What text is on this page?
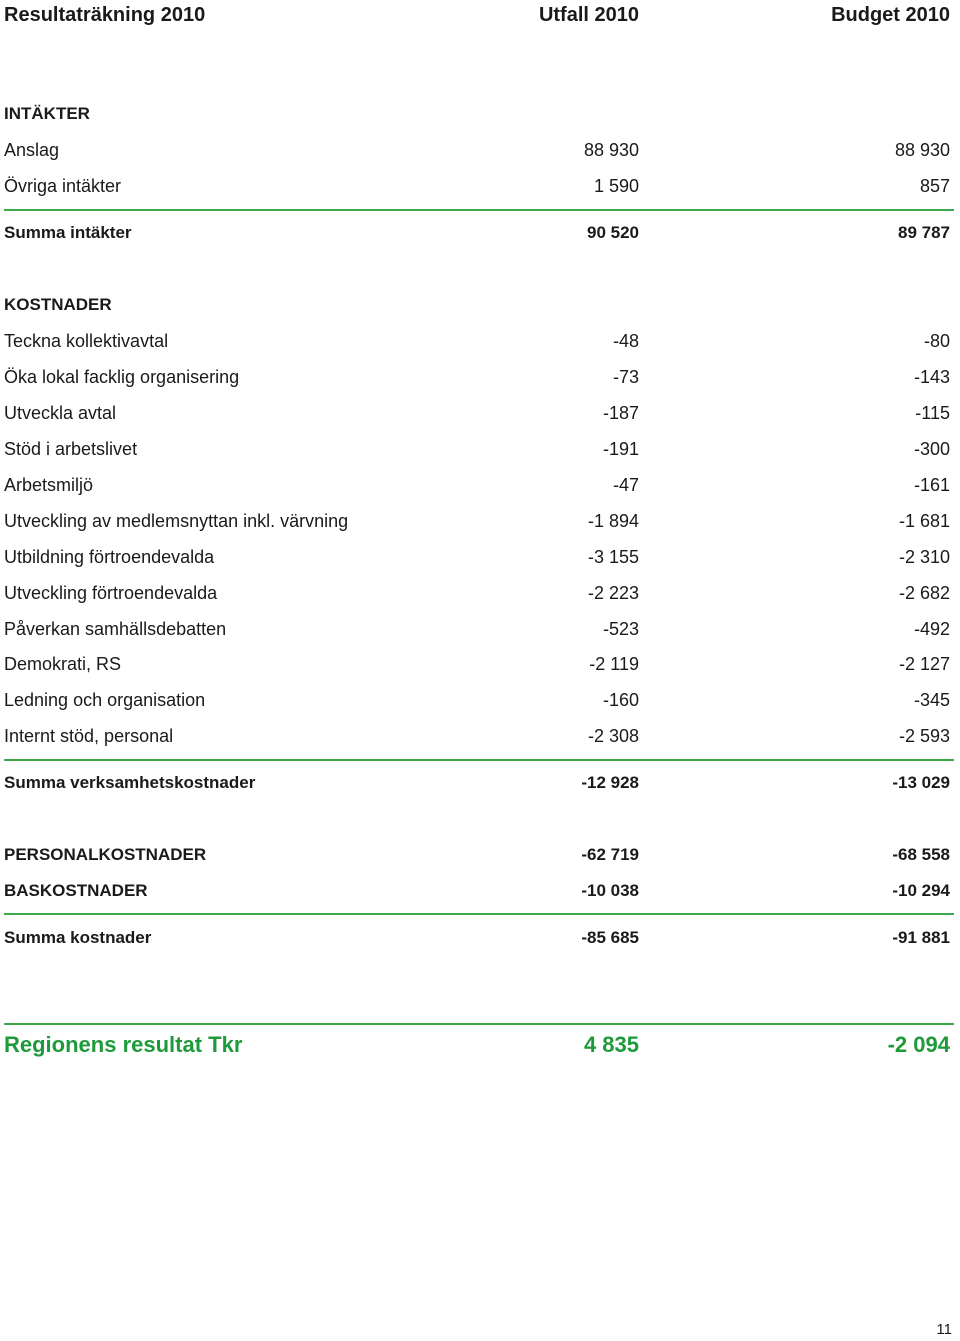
Resultaträkning 2010	Utfall 2010	Budget 2010
INTÄKTER
Anslag	88 930	88 930
Övriga intäkter	1 590	857
Summa intäkter	90 520	89 787
KOSTNADER
Teckna kollektivavtal	-48	-80
Öka lokal facklig organisering	-73	-143
Utveckla avtal	-187	-115
Stöd i arbetslivet	-191	-300
Arbetsmiljö	-47	-161
Utveckling av medlemsnyttan inkl. värvning	-1 894	-1 681
Utbildning förtroendevalda	-3 155	-2 310
Utveckling förtroendevalda	-2 223	-2 682
Påverkan samhällsdebatten	-523	-492
Demokrati, RS	-2 119	-2 127
Ledning och organisation	-160	-345
Internt stöd, personal	-2 308	-2 593
Summa verksamhetskostnader	-12 928	-13 029
PERSONALKOSTNADER	-62 719	-68 558
BASKOSTNADER	-10 038	-10 294
Summa kostnader	-85 685	-91 881
Regionens resultat Tkr	4 835	-2 094
11
